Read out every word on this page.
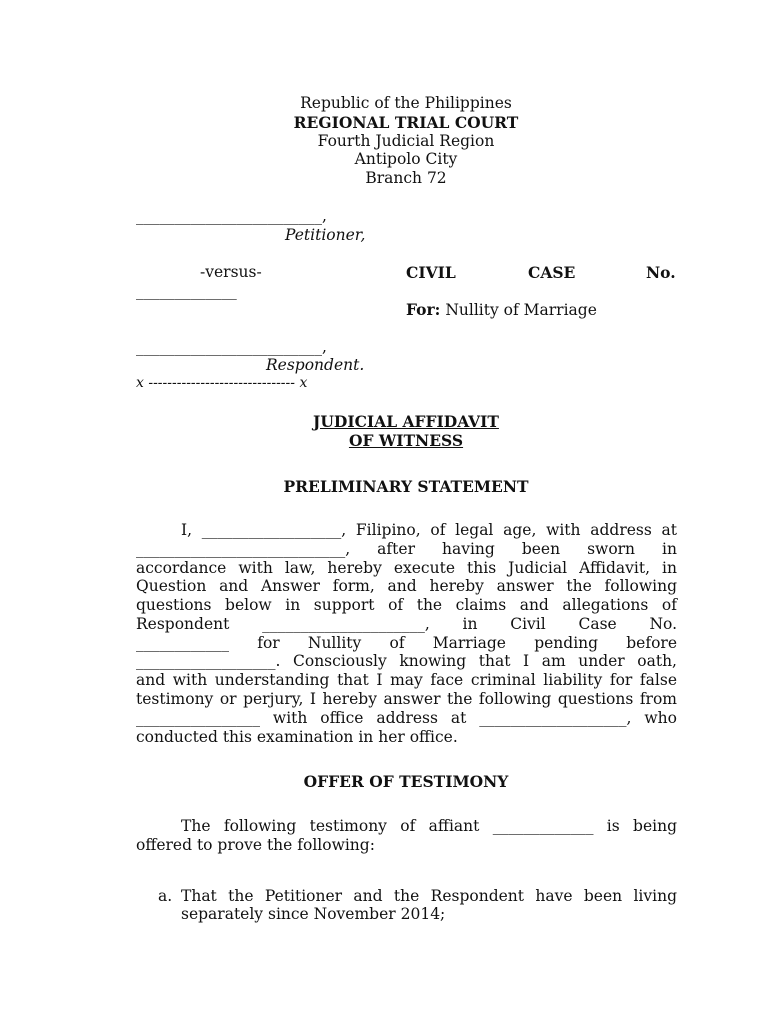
Republic of the Philippines
REGIONAL TRIAL COURT
Fourth Judicial Region
Antipolo City
Branch 72
________________________,
Petitioner,
-versus-	CIVIL	CASE	No.
_____________
For: Nullity of Marriage
________________________,
Respondent.
x ------------------------------- x
JUDICIAL AFFIDAVIT
OF WITNESS
PRELIMINARY STATEMENT
I, __________________, Filipino, of legal age, with address at
___________________________, after having been sworn in
accordance with law, hereby execute this Judicial Affidavit, in
Question and Answer form, and hereby answer the following
questions below in support of the claims and allegations of
Respondent _____________________, in Civil Case No.
____________ for Nullity of Marriage pending before
__________________. Consciously knowing that I am under oath,
and with understanding that I may face criminal liability for false
testimony or perjury, I hereby answer the following questions from
________________ with office address at ___________________, who
conducted this examination in her office.
OFFER OF TESTIMONY
The following testimony of affiant _____________ is being
offered to prove the following:
a. That the Petitioner and the Respondent have been living
separately since November 2014;
